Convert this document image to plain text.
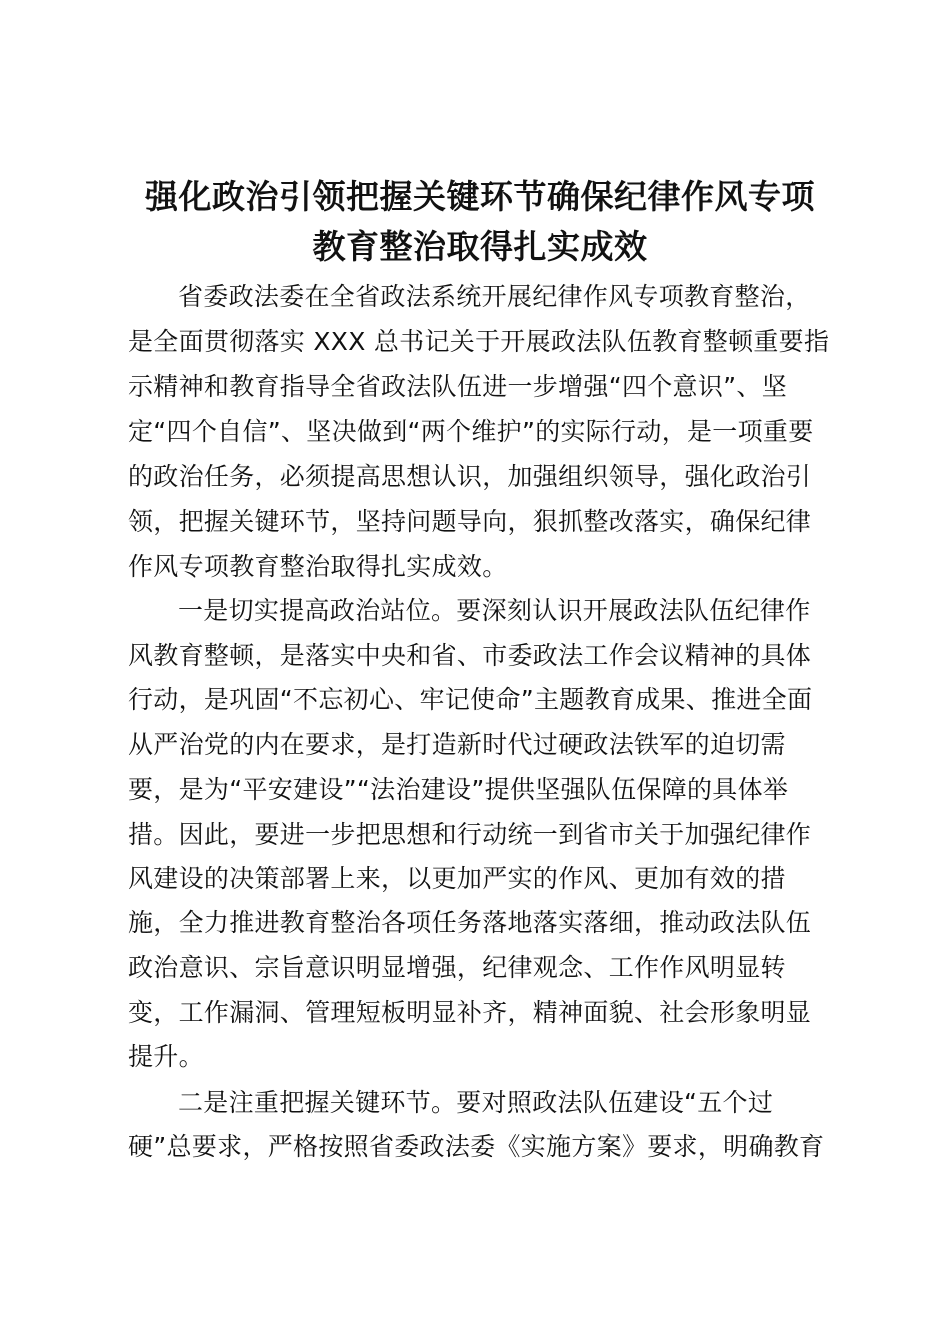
强化政治引领把握关键环节确保纪律作风专项
教育整治取得扎实成效
省委政法委在全省政法系统开展纪律作风专项教育整治，
是全面贯彻落实 XXX 总书记关于开展政法队伍教育整顿重要指
示精神和教育指导全省政法队伍进一步增强“四个意识”、坚
定“四个自信”、坚决做到“两个维护”的实际行动，是一项重要
的政治任务，必须提高思想认识，加强组织领导，强化政治引
领，把握关键环节，坚持问题导向，狠抓整改落实，确保纪律
作风专项教育整治取得扎实成效。
一是切实提高政治站位。要深刻认识开展政法队伍纪律作
风教育整顿，是落实中央和省、市委政法工作会议精神的具体
行动，是巩固“不忘初心、牢记使命”主题教育成果、推进全面
从严治党的内在要求，是打造新时代过硬政法铁军的迫切需
要，是为“平安建设”“法治建设”提供坚强队伍保障的具体举
措。因此，要进一步把思想和行动统一到省市关于加强纪律作
风建设的决策部署上来，以更加严实的作风、更加有效的措
施，全力推进教育整治各项任务落地落实落细，推动政法队伍
政治意识、宗旨意识明显增强，纪律观念、工作作风明显转
变，工作漏洞、管理短板明显补齐，精神面貌、社会形象明显
提升。
二是注重把握关键环节。要对照政法队伍建设“五个过
硬”总要求，严格按照省委政法委《实施方案》要求，明确教育
